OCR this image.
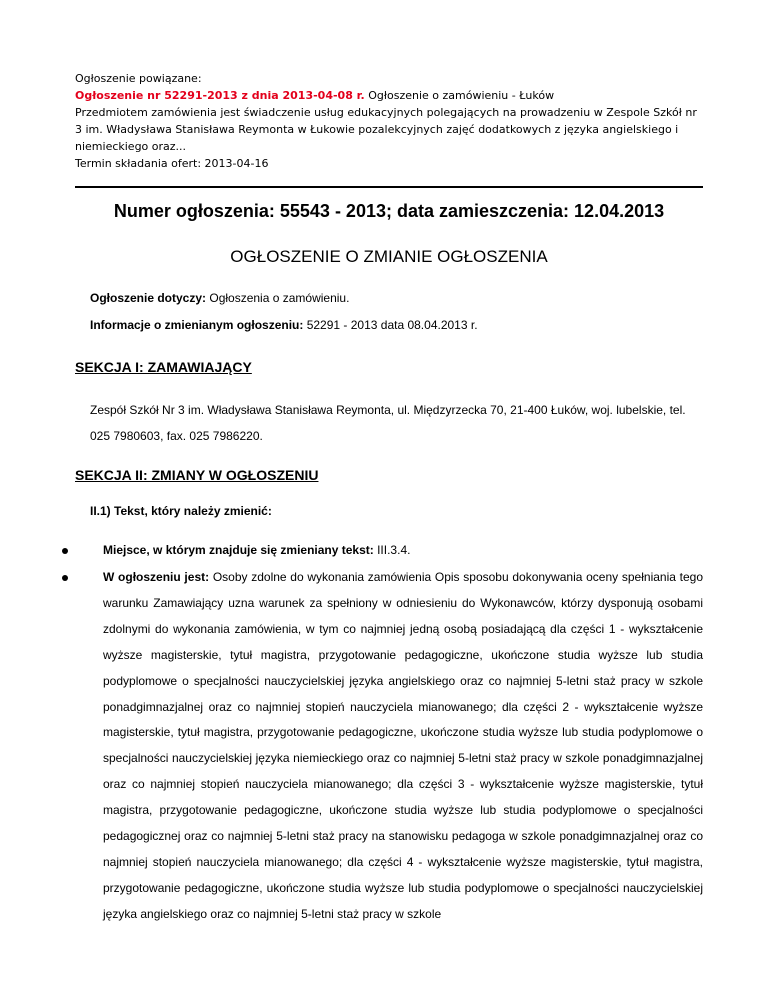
Ogłoszenie powiązane:

Ogłoszenie nr 52291-2013 z dnia 2013-04-08 r. Ogłoszenie o zamówieniu - Łuków

Przedmiotem zamówienia jest świadczenie usług edukacyjnych polegających na prowadzeniu w Zespole Szkół nr 3 im. Władysława Stanisława Reymonta w Łukowie pozalekcyjnych zajęć dodatkowych z języka angielskiego i niemieckiego oraz...

Termin składania ofert: 2013-04-16

Numer ogłoszenia: 55543 - 2013; data zamieszczenia: 12.04.2013
OGŁOSZENIE O ZMIANIE OGŁOSZENIA
Ogłoszenie dotyczy: Ogłoszenia o zamówieniu.
Informacje o zmienianym ogłoszeniu: 52291 - 2013 data 08.04.2013 r.
SEKCJA I: ZAMAWIAJĄCY
Zespół Szkół Nr 3 im. Władysława Stanisława Reymonta, ul. Międzyrzecka 70, 21-400 Łuków, woj. lubelskie, tel. 025 7980603, fax. 025 7986220.
SEKCJA II: ZMIANY W OGŁOSZENIU
II.1) Tekst, który należy zmienić:
Miejsce, w którym znajduje się zmieniany tekst: III.3.4.
W ogłoszeniu jest: Osoby zdolne do wykonania zamówienia Opis sposobu dokonywania oceny spełniania tego warunku Zamawiający uzna warunek za spełniony w odniesieniu do Wykonawców, którzy dysponują osobami zdolnymi do wykonania zamówienia, w tym co najmniej jedną osobą posiadającą dla części 1 - wykształcenie wyższe magisterskie, tytuł magistra, przygotowanie pedagogiczne, ukończone studia wyższe lub studia podyplomowe o specjalności nauczycielskiej języka angielskiego oraz co najmniej 5-letni staż pracy w szkole ponadgimnazjalnej oraz co najmniej stopień nauczyciela mianowanego; dla części 2 - wykształcenie wyższe magisterskie, tytuł magistra, przygotowanie pedagogiczne, ukończone studia wyższe lub studia podyplomowe o specjalności nauczycielskiej języka niemieckiego oraz co najmniej 5-letni staż pracy w szkole ponadgimnazjalnej oraz co najmniej stopień nauczyciela mianowanego; dla części 3 - wykształcenie wyższe magisterskie, tytuł magistra, przygotowanie pedagogiczne, ukończone studia wyższe lub studia podyplomowe o specjalności pedagogicznej oraz co najmniej 5-letni staż pracy na stanowisku pedagoga w szkole ponadgimnazjalnej oraz co najmniej stopień nauczyciela mianowanego; dla części 4 - wykształcenie wyższe magisterskie, tytuł magistra, przygotowanie pedagogiczne, ukończone studia wyższe lub studia podyplomowe o specjalności nauczycielskiej języka angielskiego oraz co najmniej 5-letni staż pracy w szkole
